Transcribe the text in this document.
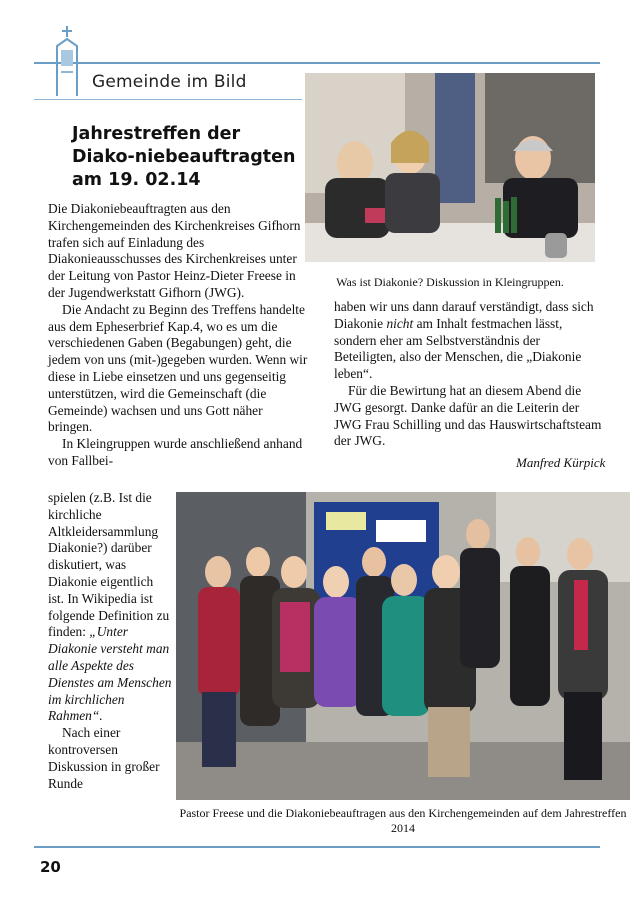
Gemeinde im Bild
Jahrestreffen der Diako-niebeauftragten am 19. 02.14

Die Diakoniebeauftragten aus den Kirchengemeinden des Kirchenkreises Gifhorn trafen sich auf Einladung des Diakonieausschusses des Kirchenkreises unter der Leitung von Pastor Heinz-Dieter Freese in der Jugendwerkstatt Gifhorn (JWG).

Die Andacht zu Beginn des Treffens handelte aus dem Epheserbrief Kap.4, wo es um die verschiedenen Gaben (Begabungen) geht, die jedem von uns (mit-)gegeben wurden. Wenn wir diese in Liebe einsetzen und uns gegenseitig unterstützen, wird die Gemeinschaft (die Gemeinde) wachsen und uns Gott näher bringen.

In Kleingruppen wurde anschließend anhand von Fallbei-

spielen (z.B. Ist die kirchliche Altkleidersammlung Diakonie?) darüber diskutiert, was Diakonie eigentlich ist. In Wikipedia ist folgende Definition zu finden: „Unter Diakonie versteht man alle Aspekte des Dienstes am Menschen im kirchlichen Rahmen“.

Nach einer kontroversen Diskussion in großer Runde

haben wir uns dann darauf verständigt, dass sich Diakonie nicht am Inhalt festmachen lässt, sondern eher am Selbstverständnis der Beteiligten, also der Menschen, die „Diakonie leben“.

Für die Bewirtung hat an diesem Abend die JWG gesorgt. Danke dafür an die Leiterin der JWG Frau Schilling und das Hauswirtschaftsteam der JWG.

Manfred Kürpick

Was ist Diakonie? Diskussion in Kleingruppen.

Pastor Freese und die Diakoniebeauftragen aus den Kirchengemeinden auf dem Jahrestreffen 2014

20
